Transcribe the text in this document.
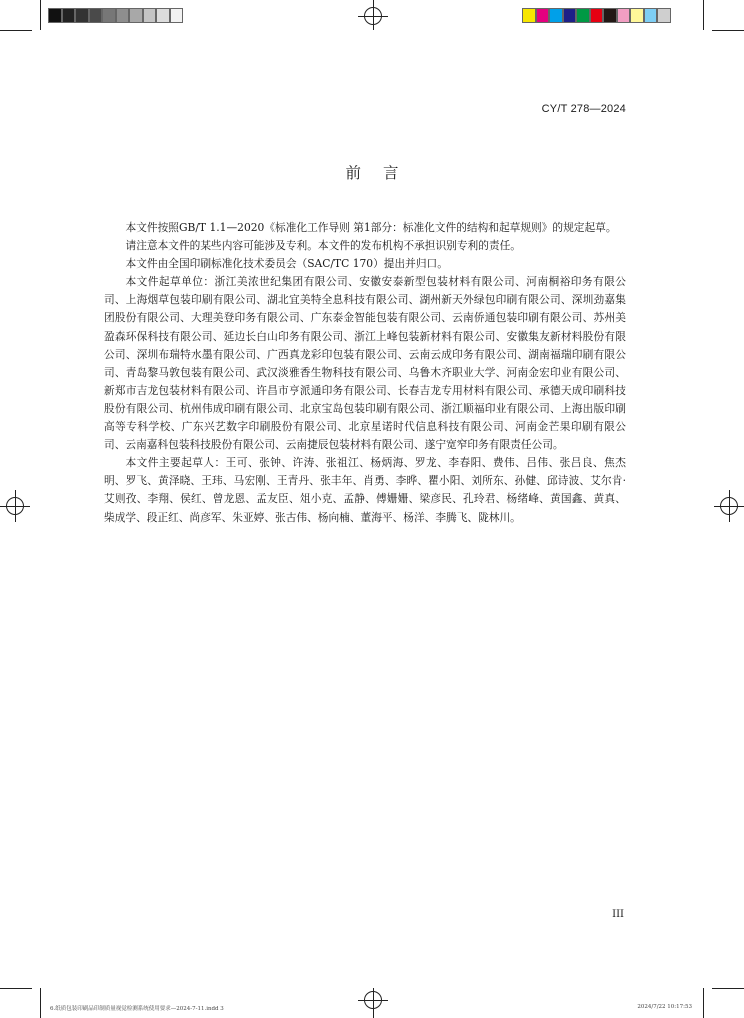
CY/T 278—2024
前言

本文件按照GB/T 1.1—2020《标准化工作导则 第1部分：标准化文件的结构和起草规则》的规定起草。

请注意本文件的某些内容可能涉及专利。本文件的发布机构不承担识别专利的责任。

本文件由全国印刷标准化技术委员会（SAC/TC 170）提出并归口。

本文件起草单位：浙江美浓世纪集团有限公司、安徽安泰新型包装材料有限公司、河南桐裕印务有限公司、上海烟草包装印刷有限公司、湖北宜美特全息科技有限公司、湖州新天外绿包印刷有限公司、深圳劲嘉集团股份有限公司、大理美登印务有限公司、广东泰金智能包装有限公司、云南侨通包装印刷有限公司、苏州美盈森环保科技有限公司、延边长白山印务有限公司、浙江上峰包装新材料有限公司、安徽集友新材料股份有限公司、深圳布瑞特水墨有限公司、广西真龙彩印包装有限公司、云南云成印务有限公司、湖南福瑞印刷有限公司、青岛黎马敦包装有限公司、武汉淡雅香生物科技有限公司、乌鲁木齐职业大学、河南金宏印业有限公司、新郑市吉龙包装材料有限公司、许昌市亨派通印务有限公司、长春吉龙专用材料有限公司、承德天成印刷科技股份有限公司、杭州伟成印刷有限公司、北京宝岛包装印刷有限公司、浙江顺福印业有限公司、上海出版印刷高等专科学校、广东兴艺数字印刷股份有限公司、北京星诺时代信息科技有限公司、河南金芒果印刷有限公司、云南嘉科包装科技股份有限公司、云南捷辰包装材料有限公司、遂宁宽窄印务有限责任公司。

本文件主要起草人：王可、张钟、许涛、张祖江、杨炳海、罗龙、李春阳、费伟、吕伟、张吕良、焦杰明、罗飞、黄泽晓、王玮、马宏刚、王青丹、张丰年、肖勇、李晔、瞿小阳、刘所东、孙健、邱诗波、艾尔肯·艾则孜、李翔、侯红、曾龙恩、孟友臣、俎小克、孟静、傅姗姗、梁彦民、孔玲君、杨绪峰、黄国鑫、黄真、柴成学、段正红、尚彦军、朱亚婷、张古伟、杨向楠、董海平、杨洋、李腾飞、陇林川。

III
6.纸质包装印刷品印制质量视觉检测系统使用要求—2024-7-11.indd 3	2024/7/22 10:17:53
